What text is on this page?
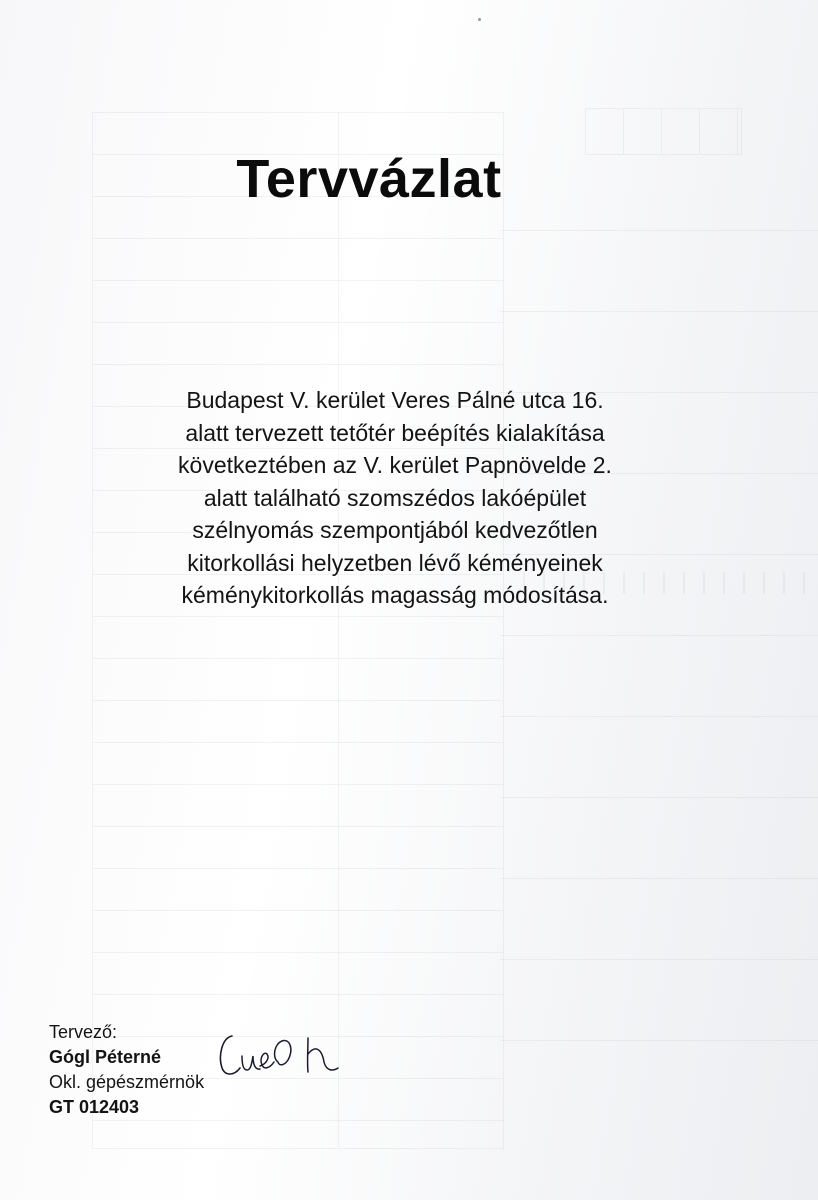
Tervvázlat
Budapest V. kerület Veres Pálné utca 16.
alatt tervezett tetőtér beépítés kialakítása
következtében az V. kerület Papnövelde 2.
alatt található szomszédos lakóépület
szélnyomás szempontjából kedvezőtlen
kitorkollási helyzetben lévő kéményeinek
kéménykitorkollás magasság módosítása.
Tervező:
Gógl Péterné
Okl. gépészmérnök
GT 012403
